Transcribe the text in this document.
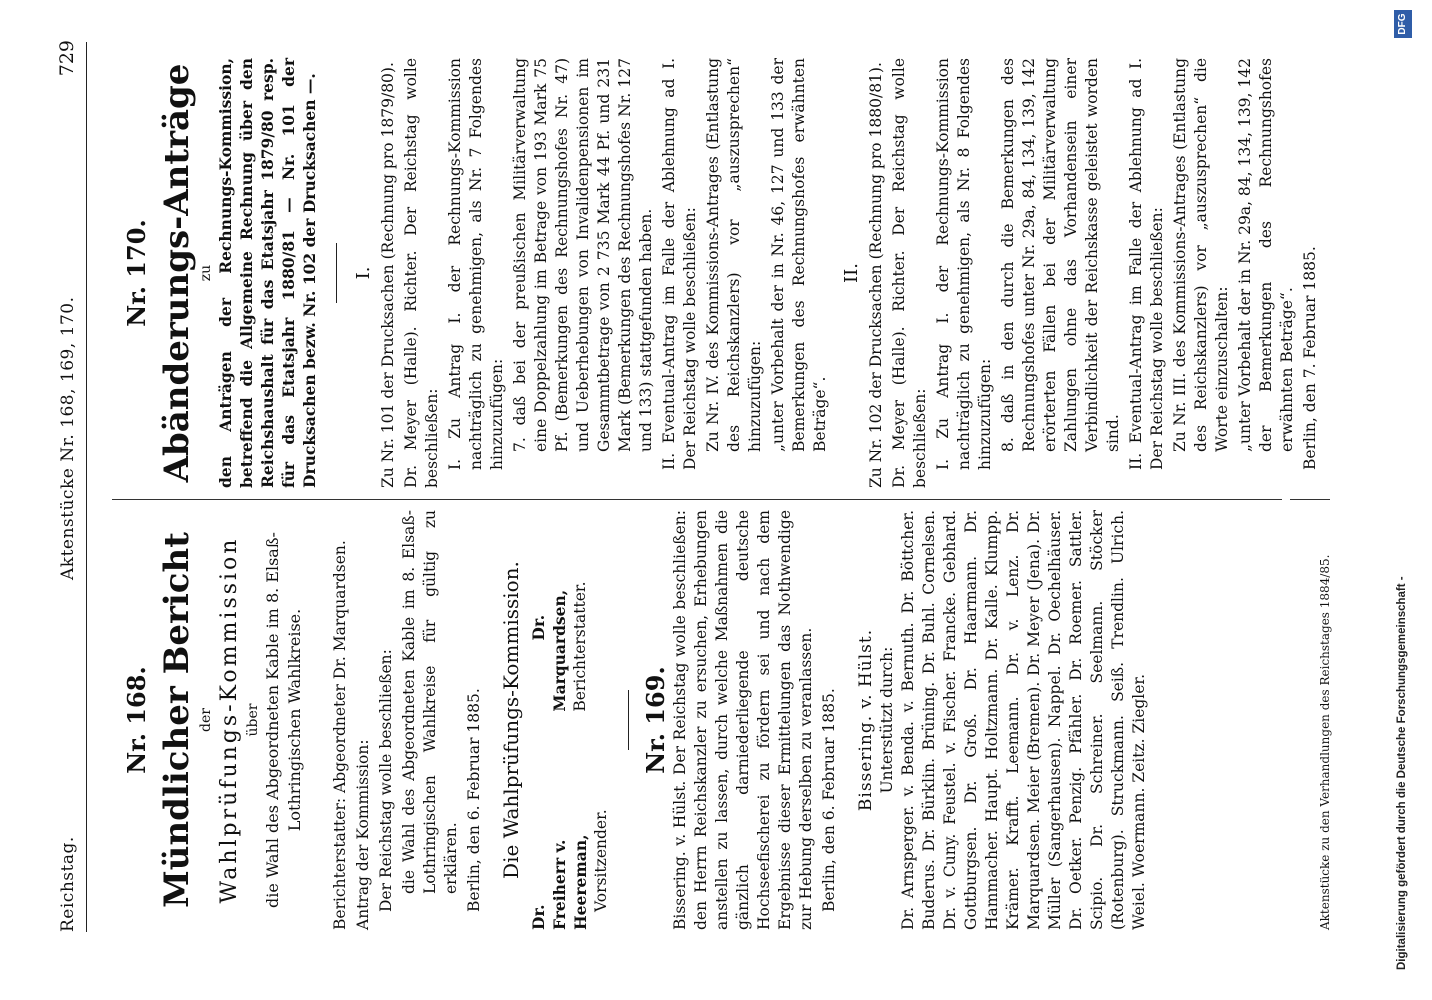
Reichstag.
Aktenstücke Nr. 168, 169, 170.
729
Nr. 168. Mündlicher Bericht der Wahlprüfungs-Kommission über die Wahl des Abgeordneten Kable im 8. Elsaß-Lothringischen Wahlkreise. Berichterstatter: Abgeordneter Dr. Marquardsen. Antrag der Kommission: Der Reichstag wolle beschließen: die Wahl des Abgeordneten Kable im 8. Elsaß-Lothringischen Wahlkreise für gültig zu erklären. Berlin, den 6. Februar 1885. Die Wahlprüfungs-Kommission.
Dr. Freiherr v. Heereman, Vorsitzender.
Dr. Marquardsen, Berichterstatter.
Nr. 169. Bissering. v. Hülst. Der Reichstag wolle beschließen: den Herrn Reichskanzler zu ersuchen, Erhebungen anstellen zu lassen, durch welche Maßnahmen die gänzlich darniederliegende deutsche Hochseefischerei zu fördern sei und nach dem Ergebnisse dieser Ermittelungen das Nothwendige zur Hebung derselben zu veranlassen. Berlin, den 6. Februar 1885. Bissering. v. Hülst. Unterstützt durch: Dr. Arnsperger. v. Benda. v. Bernuth. Dr. Böttcher. Buderus. Dr. Bürklin. Brüning. Dr. Buhl. Cornelsen. Dr. v. Cuny. Feustel. v. Fischer. Francke. Gebhard. Gottburgsen. Dr. Groß. Dr. Haarmann. Dr. Hammacher. Haupt. Holtzmann. Dr. Kalle. Klumpp. Krämer. Krafft. Leemann. Dr. v. Lenz. Dr. Marquardsen. Meier (Bremen). Dr. Meyer (Jena). Dr. Müller (Sangerhausen). Nappel. Dr. Oechelhäuser. Dr. Oetker. Penzig. Pfähler. Dr. Roemer. Sattler. Scipio. Dr. Schreiner. Seelmann. Stöcker (Rotenburg). Struckmann. Seiß. Trendlin. Ulrich. Weiel. Woermann. Zeitz. Ziegler.	Aktenstücke zu den Verhandlungen des Reichstages 1884/85.
Nr. 170. Abänderungs-Anträge zu den Anträgen der Rechnungs-Kommission, betreffend die Allgemeine Rechnung über den Reichshaushalt für das Etatsjahr 1879/80 resp. für das Etatsjahr 1880/81 — Nr. 101 der Drucksachen bezw. Nr. 102 der Drucksachen —. I. Zu Nr. 101 der Drucksachen (Rechnung pro 1879/80). Dr. Meyer (Halle). Richter. Der Reichstag wolle beschließen: I. Zu Antrag I. der Rechnungs-Kommission nachträglich zu genehmigen, als Nr. 7 Folgendes hinzuzufügen: 7. daß bei der preußischen Militärverwaltung eine Doppelzahlung im Betrage von 193 Mark 75 Pf. (Bemerkungen des Rechnungshofes Nr. 47) und Ueberhebungen von Invalidenpensionen im Gesammtbetrage von 2 735 Mark 44 Pf. und 231 Mark (Bemerkungen des Rechnungshofes Nr. 127 und 133) stattgefunden haben. II. Eventual-Antrag im Falle der Ablehnung ad I. Der Reichstag wolle beschließen: Zu Nr. IV. des Kommissions-Antrages (Entlastung des Reichskanzlers) vor „auszusprechen“ hinzuzufügen: „unter Vorbehalt der in Nr. 46, 127 und 133 der Bemerkungen des Rechnungshofes erwähnten Beträge“.

II. Zu Nr. 102 der Drucksachen (Rechnung pro 1880/81). Dr. Meyer (Halle). Richter. Der Reichstag wolle beschließen: I. Zu Antrag I. der Rechnungs-Kommission nachträglich zu genehmigen, als Nr. 8 Folgendes hinzuzufügen: 8. daß in den durch die Bemerkungen des Rechnungshofes unter Nr. 29a, 84, 134, 139, 142 erörterten Fällen bei der Militärverwaltung Zahlungen ohne das Vorhandensein einer Verbindlichkeit der Reichskasse geleistet worden sind. II. Eventual-Antrag im Falle der Ablehnung ad I. Der Reichstag wolle beschließen: Zu Nr. III. des Kommissions-Antrages (Entlastung des Reichskanzlers) vor „auszusprechen“ die Worte einzuschalten: „unter Vorbehalt der in Nr. 29a, 84, 134, 139, 142 der Bemerkungen des Rechnungshofes erwähnten Beträge“. Berlin, den 7. Februar 1885.

Digitalisierung gefördert durch die Deutsche Forschungsgemeinschaft -
DFG
